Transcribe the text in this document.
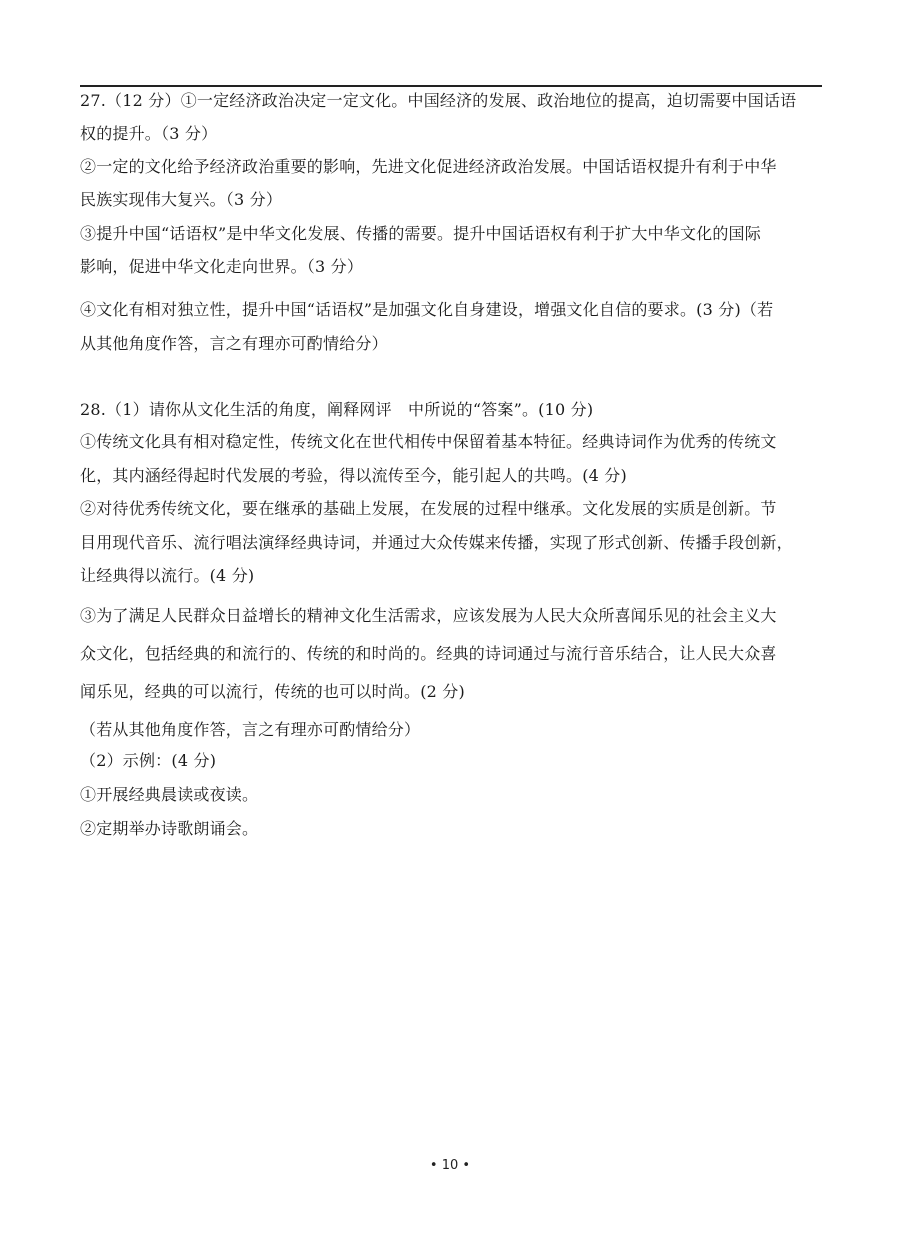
27.（12 分）①一定经济政治决定一定文化。中国经济的发展、政治地位的提高，迫切需要中国话语
权的提升。（3 分）
②一定的文化给予经济政治重要的影响，先进文化促进经济政治发展。中国话语权提升有利于中华
民族实现伟大复兴。（3 分）
③提升中国“话语权”是中华文化发展、传播的需要。提升中国话语权有利于扩大中华文化的国际
影响，促进中华文化走向世界。（3 分）
④文化有相对独立性，提升中国“话语权”是加强文化自身建设，增强文化自信的要求。(3 分)（若
从其他角度作答，言之有理亦可酌情给分）
28.（1）请你从文化生活的角度，阐释网评　中所说的“答案”。(10 分)
①传统文化具有相对稳定性，传统文化在世代相传中保留着基本特征。经典诗词作为优秀的传统文
化，其内涵经得起时代发展的考验，得以流传至今，能引起人的共鸣。(4 分)
②对待优秀传统文化，要在继承的基础上发展，在发展的过程中继承。文化发展的实质是创新。节
目用现代音乐、流行唱法演绎经典诗词，并通过大众传媒来传播，实现了形式创新、传播手段创新，
让经典得以流行。(4 分)
③为了满足人民群众日益增长的精神文化生活需求，应该发展为人民大众所喜闻乐见的社会主义大
众文化，包括经典的和流行的、传统的和时尚的。经典的诗词通过与流行音乐结合，让人民大众喜
闻乐见，经典的可以流行，传统的也可以时尚。(2 分)
（若从其他角度作答，言之有理亦可酌情给分）
（2）示例：(4 分)
①开展经典晨读或夜读。
②定期举办诗歌朗诵会。
• 10 •
